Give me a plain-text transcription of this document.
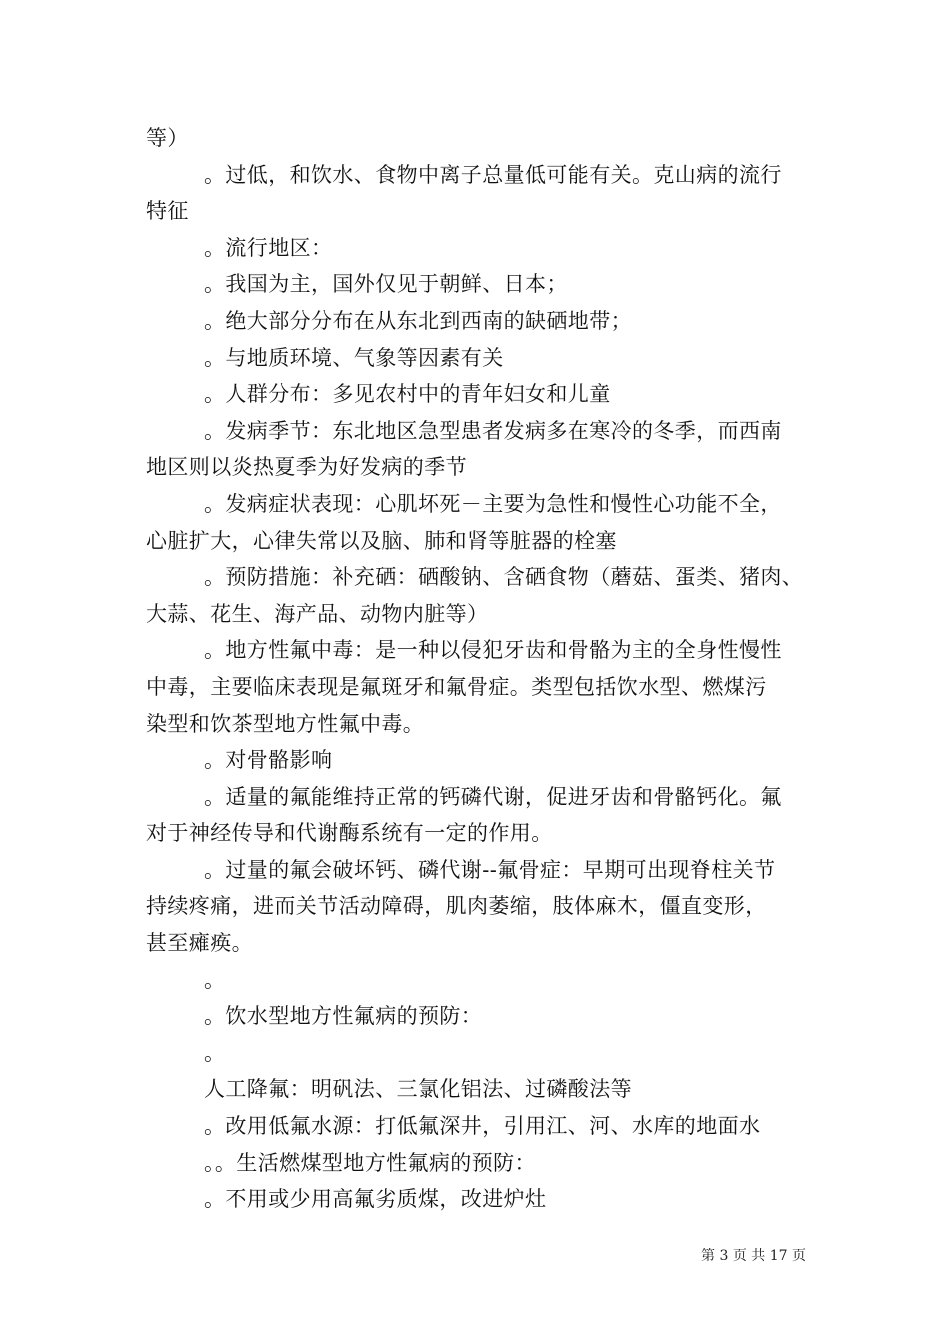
等）
。过低，和饮水、食物中离子总量低可能有关。克山病的流行
特征
。流行地区：
。我国为主，国外仅见于朝鲜、日本；
。绝大部分分布在从东北到西南的缺硒地带；
。与地质环境、气象等因素有关
。人群分布：多见农村中的青年妇女和儿童
。发病季节：东北地区急型患者发病多在寒冷的冬季，而西南
地区则以炎热夏季为好发病的季节
。发病症状表现：心肌坏死－主要为急性和慢性心功能不全，
心脏扩大，心律失常以及脑、肺和肾等脏器的栓塞
。预防措施：补充硒：硒酸钠、含硒食物（蘑菇、蛋类、猪肉、
大蒜、花生、海产品、动物内脏等）
。地方性氟中毒：是一种以侵犯牙齿和骨骼为主的全身性慢性
中毒，主要临床表现是氟斑牙和氟骨症。类型包括饮水型、燃煤污
染型和饮茶型地方性氟中毒。
。对骨骼影响
。适量的氟能维持正常的钙磷代谢，促进牙齿和骨骼钙化。氟
对于神经传导和代谢酶系统有一定的作用。
。过量的氟会破坏钙、磷代谢--氟骨症：早期可出现脊柱关节
持续疼痛，进而关节活动障碍，肌肉萎缩，肢体麻木，僵直变形，
甚至瘫痪。
。
。饮水型地方性氟病的预防：
。
人工降氟：明矾法、三氯化铝法、过磷酸法等
。改用低氟水源：打低氟深井，引用江、河、水库的地面水
。。生活燃煤型地方性氟病的预防：
。不用或少用高氟劣质煤，改进炉灶
第 3 页 共 17 页
